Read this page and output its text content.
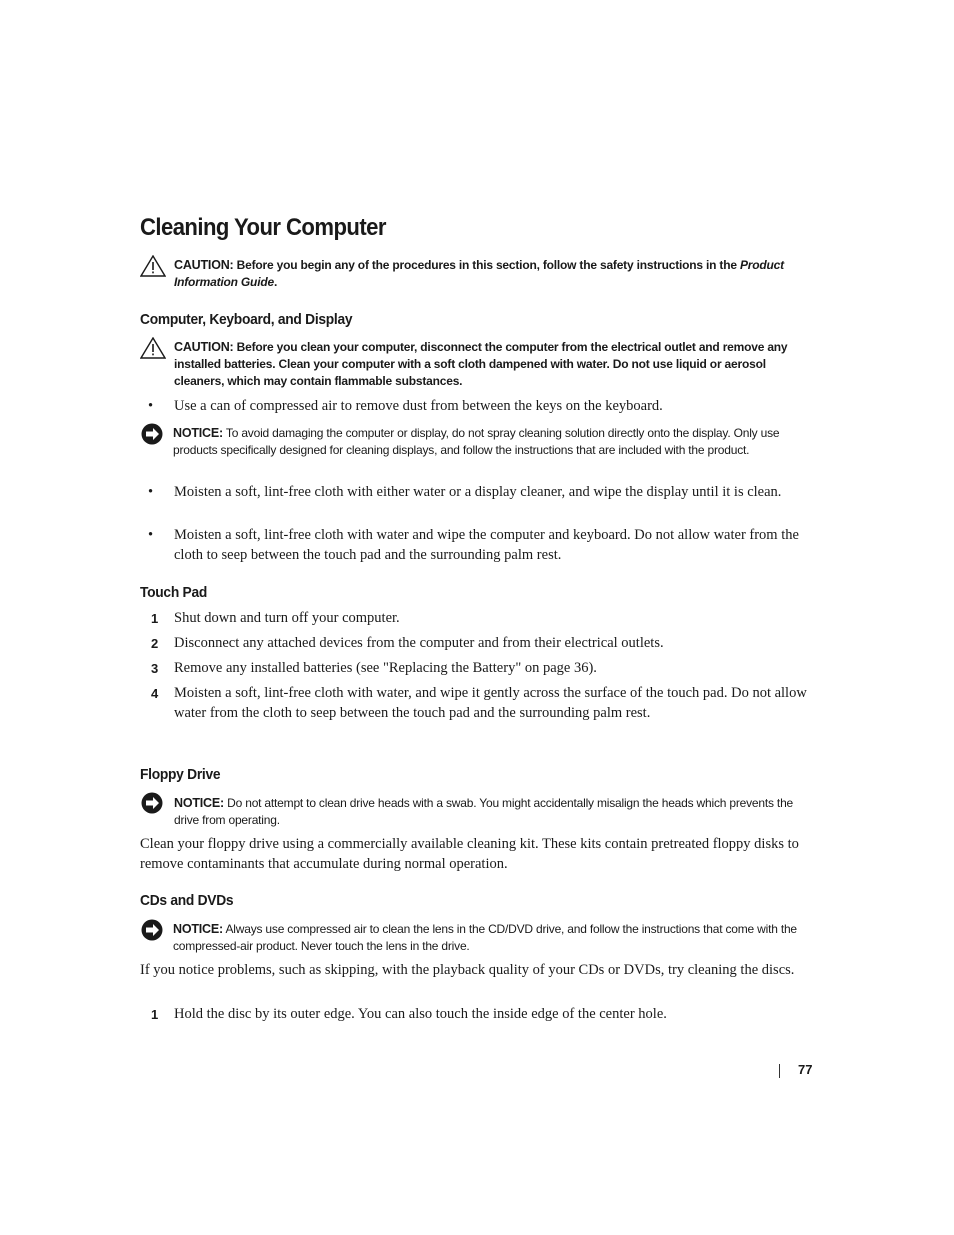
Cleaning Your Computer
CAUTION: Before you begin any of the procedures in this section, follow the safety instructions in the Product Information Guide.
Computer, Keyboard, and Display
CAUTION: Before you clean your computer, disconnect the computer from the electrical outlet and remove any installed batteries. Clean your computer with a soft cloth dampened with water. Do not use liquid or aerosol cleaners, which may contain flammable substances.
• Use a can of compressed air to remove dust from between the keys on the keyboard.
NOTICE: To avoid damaging the computer or display, do not spray cleaning solution directly onto the display. Only use products specifically designed for cleaning displays, and follow the instructions that are included with the product.
• Moisten a soft, lint-free cloth with either water or a display cleaner, and wipe the display until it is clean.
• Moisten a soft, lint-free cloth with water and wipe the computer and keyboard. Do not allow water from the cloth to seep between the touch pad and the surrounding palm rest.
Touch Pad
1 Shut down and turn off your computer.
2 Disconnect any attached devices from the computer and from their electrical outlets.
3 Remove any installed batteries (see "Replacing the Battery" on page 36).
4 Moisten a soft, lint-free cloth with water, and wipe it gently across the surface of the touch pad. Do not allow water from the cloth to seep between the touch pad and the surrounding palm rest.
Floppy Drive
NOTICE: Do not attempt to clean drive heads with a swab. You might accidentally misalign the heads which prevents the drive from operating.
Clean your floppy drive using a commercially available cleaning kit. These kits contain pretreated floppy disks to remove contaminants that accumulate during normal operation.
CDs and DVDs
NOTICE: Always use compressed air to clean the lens in the CD/DVD drive, and follow the instructions that come with the compressed-air product. Never touch the lens in the drive.
If you notice problems, such as skipping, with the playback quality of your CDs or DVDs, try cleaning the discs.
1 Hold the disc by its outer edge. You can also touch the inside edge of the center hole.
77
